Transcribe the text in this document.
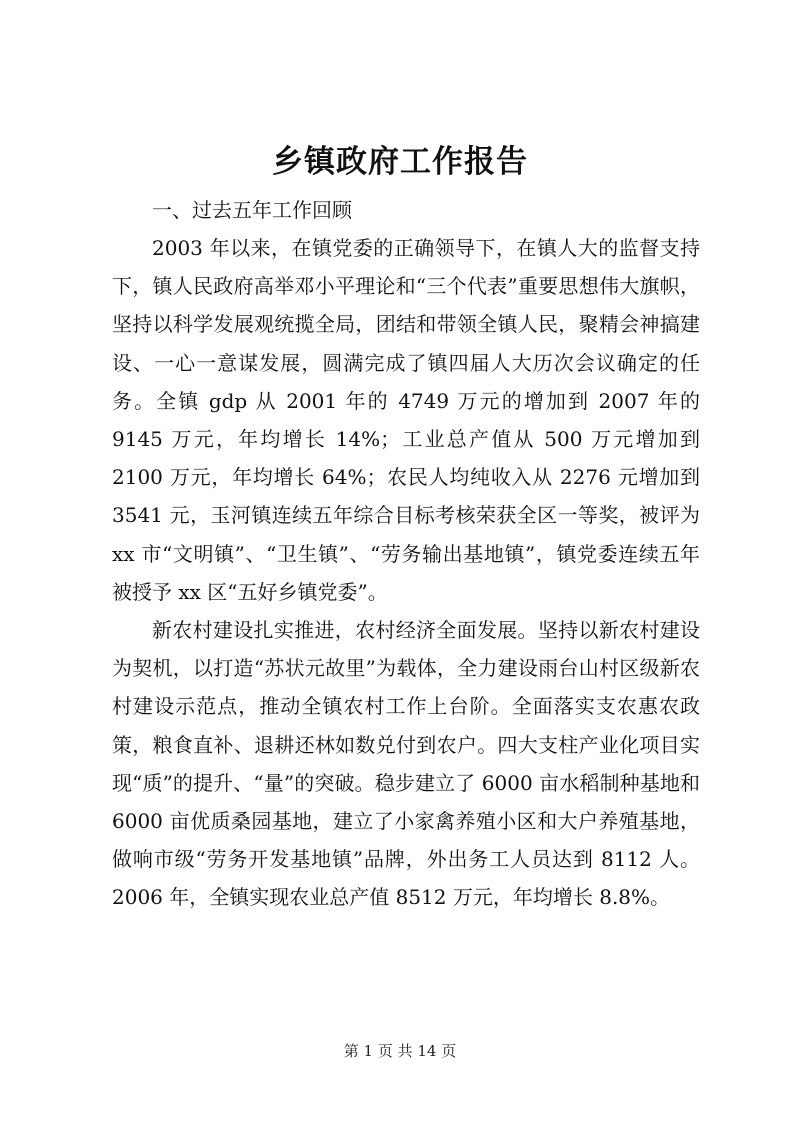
乡镇政府工作报告

一、过去五年工作回顾

2003 年以来，在镇党委的正确领导下，在镇人大的监督支持下，镇人民政府高举邓小平理论和“三个代表”重要思想伟大旗帜，坚持以科学发展观统揽全局，团结和带领全镇人民，聚精会神搞建设、一心一意谋发展，圆满完成了镇四届人大历次会议确定的任务。全镇 gdp 从 2001 年的 4749 万元的增加到 2007 年的 9145 万元，年均增长 14%；工业总产值从 500 万元增加到 2100 万元，年均增长 64%；农民人均纯收入从 2276 元增加到 3541 元，玉河镇连续五年综合目标考核荣获全区一等奖，被评为 xx 市“文明镇”、“卫生镇”、“劳务输出基地镇”，镇党委连续五年被授予 xx 区“五好乡镇党委”。

新农村建设扎实推进，农村经济全面发展。坚持以新农村建设为契机，以打造“苏状元故里”为载体，全力建设雨台山村区级新农村建设示范点，推动全镇农村工作上台阶。全面落实支农惠农政策，粮食直补、退耕还林如数兑付到农户。四大支柱产业化项目实现“质”的提升、“量”的突破。稳步建立了 6000 亩水稻制种基地和 6000 亩优质桑园基地，建立了小家禽养殖小区和大户养殖基地，做响市级“劳务开发基地镇”品牌，外出务工人员达到 8112 人。2006 年，全镇实现农业总产值 8512 万元，年均增长 8.8%。

第 1 页 共 14 页
